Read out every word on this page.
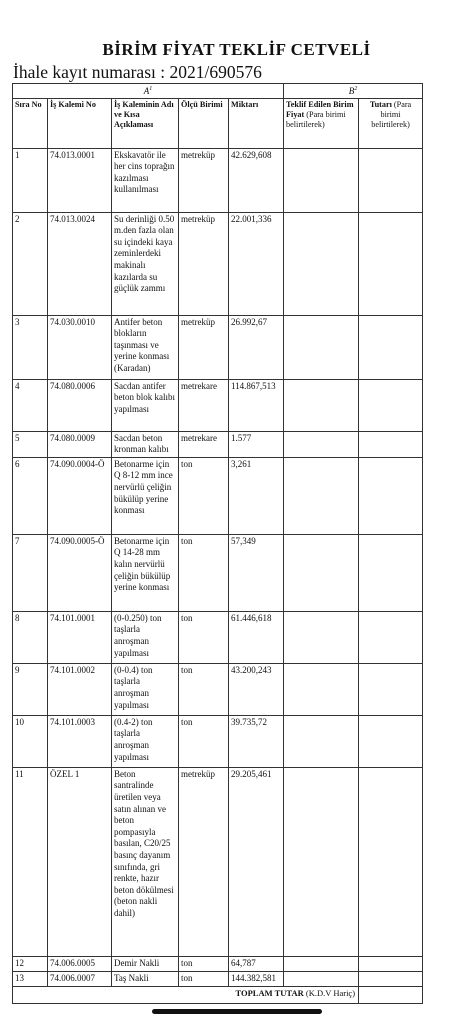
BİRİM FİYAT TEKLİF CETVELİ
İhale kayıt numarası : 2021/690576
$A^1$					$B^2$
Sıra No	İş Kalemi No	İş Kaleminin Adı ve Kısa Açıklaması	Ölçü Birimi	Miktarı	Teklif Edilen Birim Fiyat (Para birimi belirtilerek)	Tutarı (Para birimi belirtilerek)
1	74.013.0001	Ekskavatör ile her cins toprağın kazılması kullanılması	metreküp	42.629,608		
2	74.013.0024	Su derinliği 0.50 m.den fazla olan su içindeki kaya zeminlerdeki makinalı kazılarda su güçlük zammı	metreküp	22.001,336		
3	74.030.0010	Antifer beton blokların taşınması ve yerine konması (Karadan)	metreküp	26.992,67		
4	74.080.0006	Sacdan antifer beton blok kalıbı yapılması	metrekare	114.867,513		
5	74.080.0009	Sacdan beton kronman kalıbı	metrekare	1.577		
6	74.090.0004-Ö	Betonarme için Q 8-12 mm ince nervürlü çeliğin bükülüp yerine konması	ton	3,261		
7	74.090.0005-Ö	Betonarme için Q 14-28 mm kalın nervürlü çeliğin bükülüp yerine konması	ton	57,349		
8	74.101.0001	(0-0.250) ton taşlarla anroşman yapılması	ton	61.446,618		
9	74.101.0002	(0-0.4) ton taşlarla anroşman yapılması	ton	43.200,243		
10	74.101.0003	(0.4-2) ton taşlarla anroşman yapılması	ton	39.735,72		
11	ÖZEL 1	Beton santralinde üretilen veya satın alınan ve beton pompasıyla basılan, C20/25 basınç dayanım sınıfında, gri renkte, hazır beton dökülmesi (beton nakli dahil)	metreküp	29.205,461		
12	74.006.0005	Demir Nakli	ton	64,787		
13	74.006.0007	Taş Nakli	ton	144.382,581		
TOPLAM TUTAR (K.D.V Hariç)						
